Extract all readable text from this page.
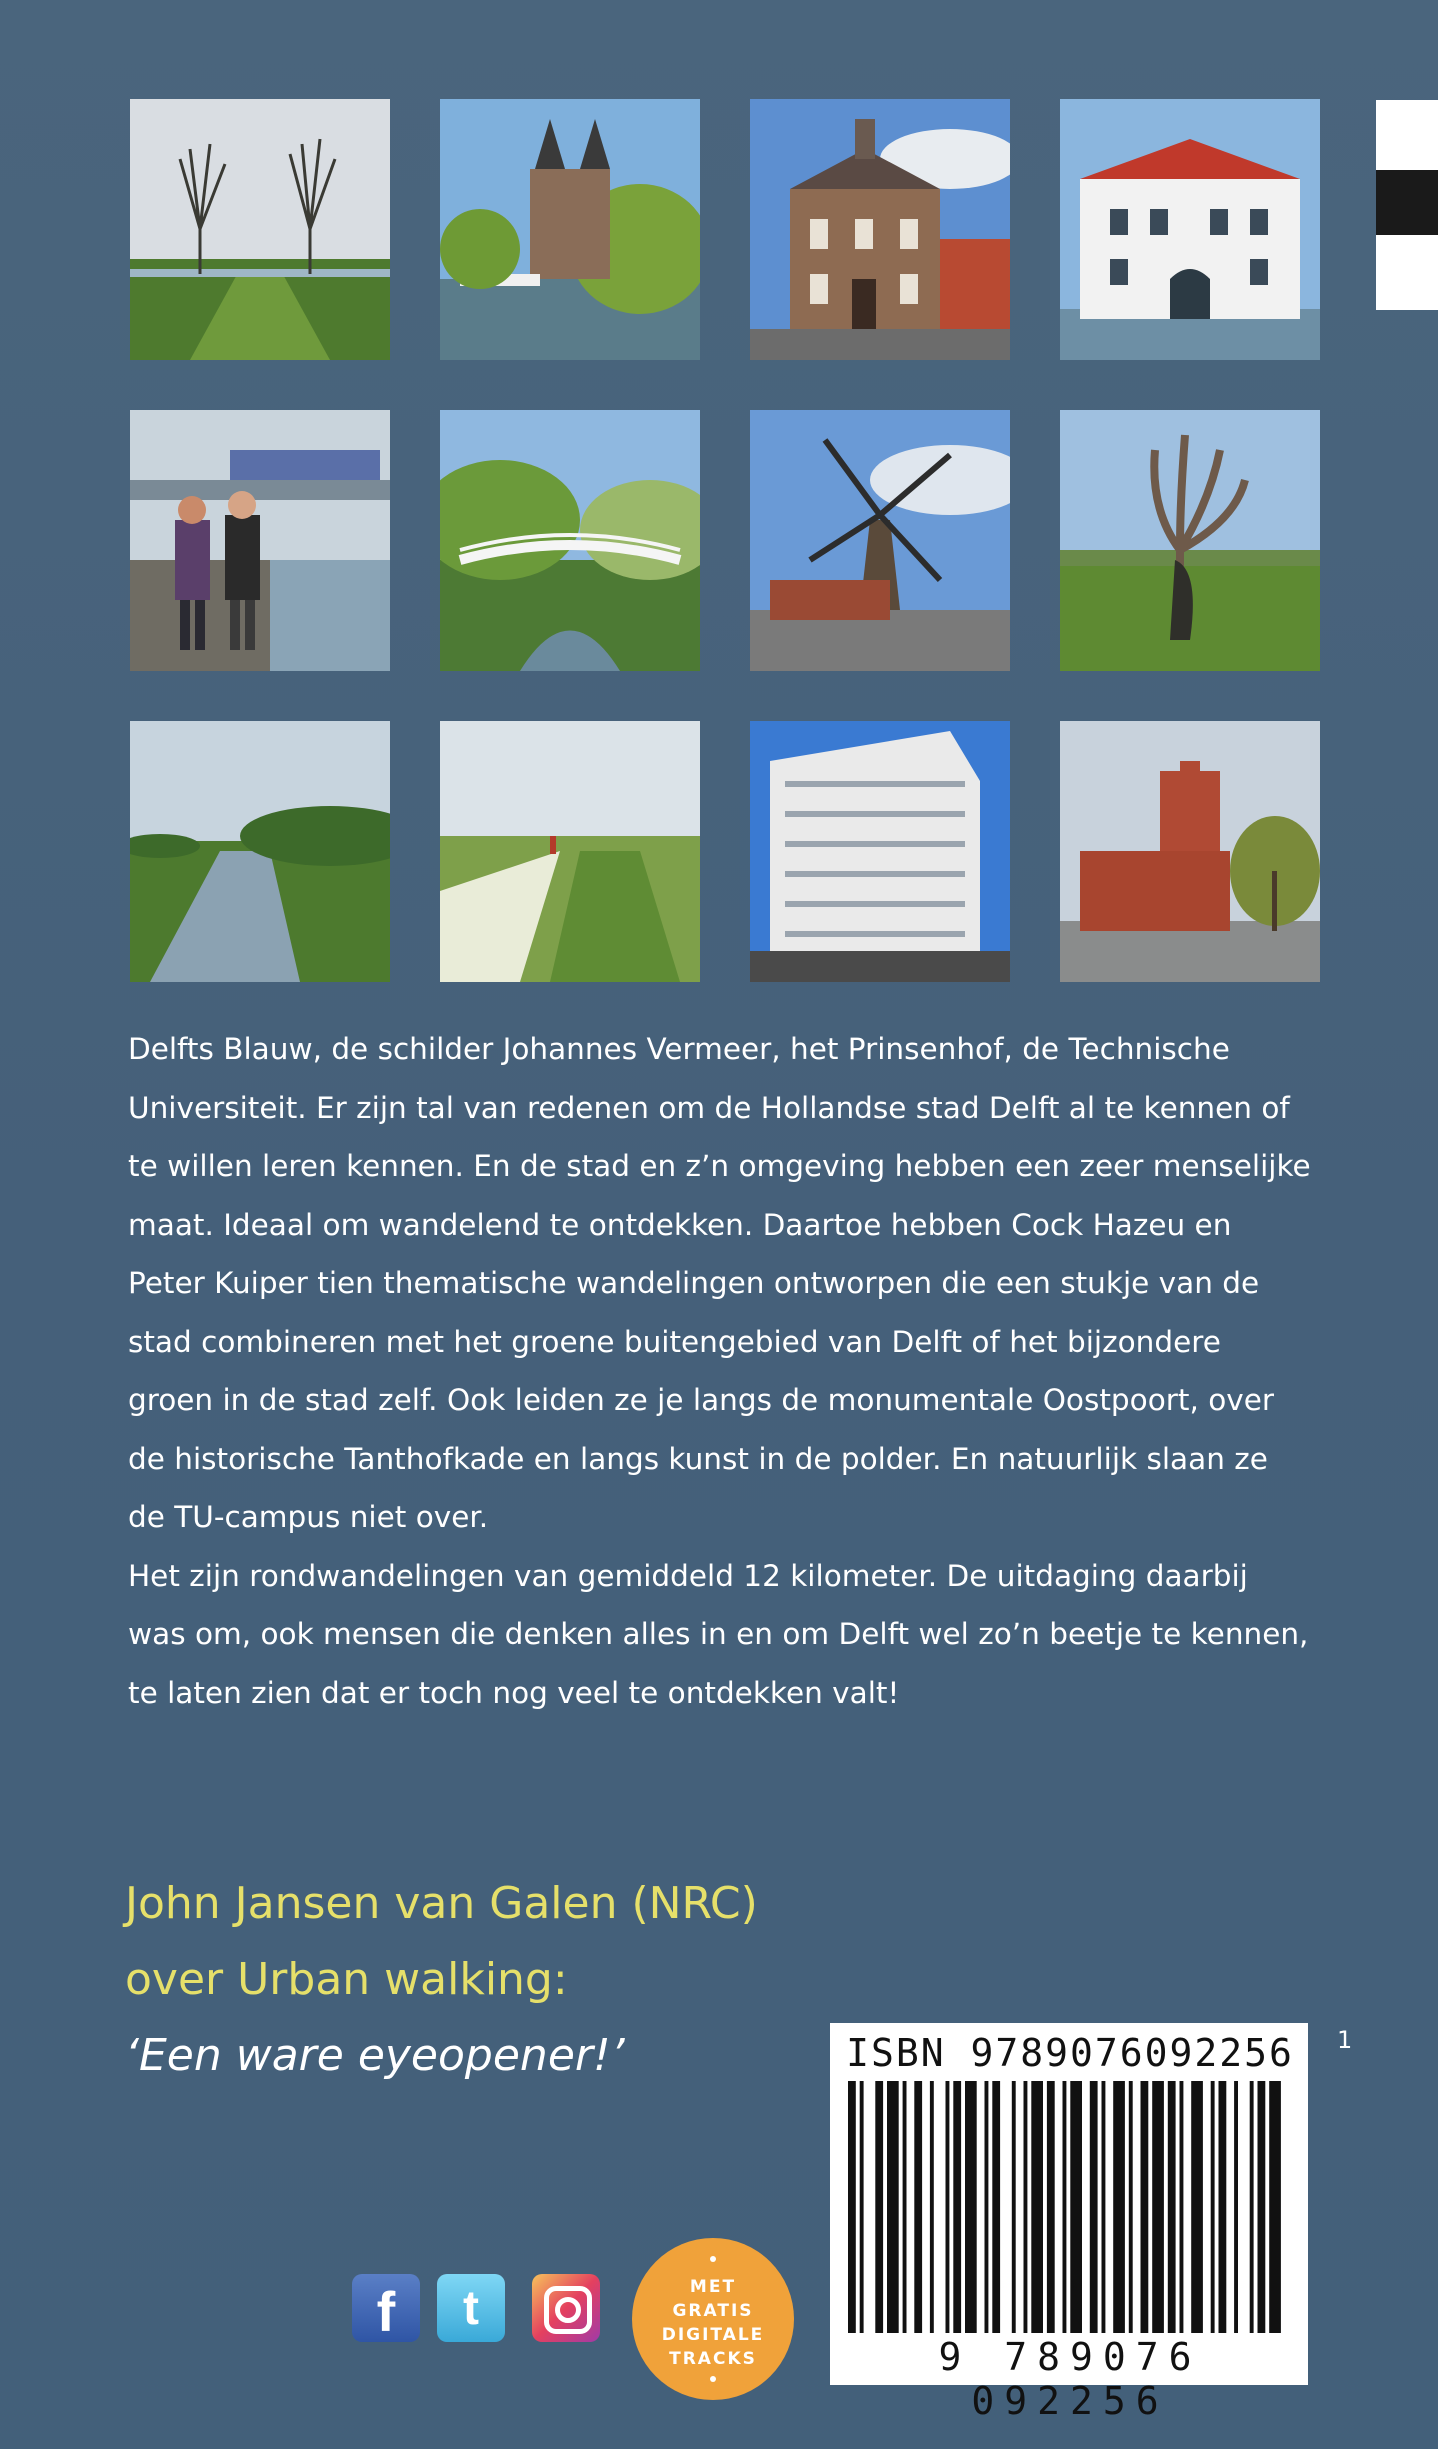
Delfts Blauw, de schilder Johannes Vermeer, het Prinsenhof, de Technische Universiteit. Er zijn tal van redenen om de Hollandse stad Delft al te kennen of te willen leren kennen. En de stad en z’n omgeving hebben een zeer menselijke maat. Ideaal om wandelend te ontdekken. Daartoe hebben Cock Hazeu en Peter Kuiper tien thematische wandelingen ontworpen die een stukje van de stad combineren met het groene buitengebied van Delft of het bijzondere groen in de stad zelf. Ook leiden ze je langs de monumentale Oostpoort, over de historische Tanthofkade en langs kunst in de polder. En natuurlijk slaan ze de TU-campus niet over.

Het zijn rondwandelingen van gemiddeld 12 kilometer. De uitdaging daarbij was om, ook mensen die denken alles in en om Delft wel zo’n beetje te kennen, te laten zien dat er toch nog veel te ontdekken valt!

John Jansen van Galen (NRC)
over Urban walking:
‘Een ware eyeopener!’	ISBN 9789076092256
9 789076 092256
1
f	t	MET
GRATIS
DIGITALE
TRACKS
